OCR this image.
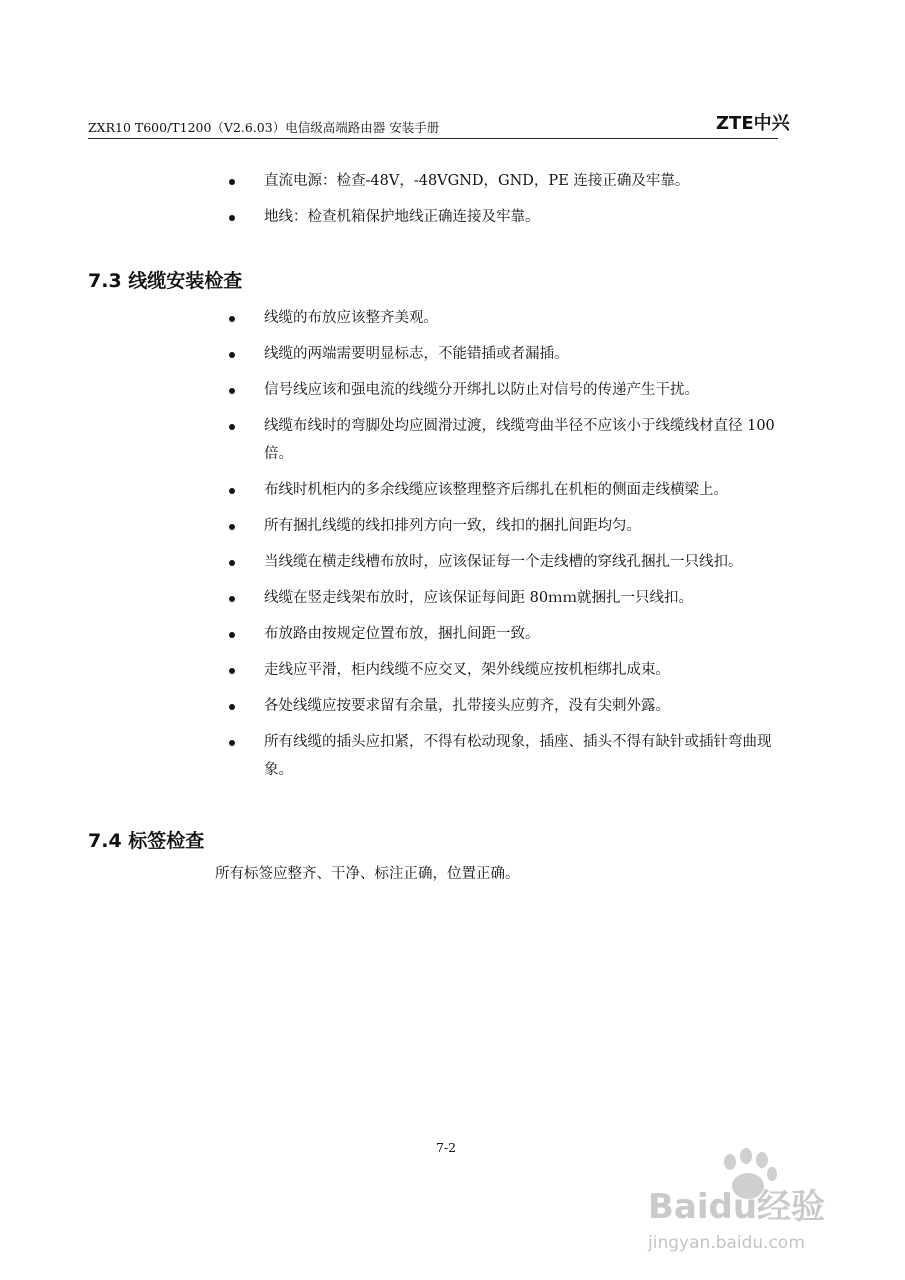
ZXR10 T600/T1200（V2.6.03）电信级高端路由器 安装手册	ZTE中兴
直流电源：检查-48V，-48VGND，GND，PE 连接正确及牢靠。
地线：检查机箱保护地线正确连接及牢靠。
7.3 线缆安装检查
线缆的布放应该整齐美观。
线缆的两端需要明显标志，不能错插或者漏插。
信号线应该和强电流的线缆分开绑扎以防止对信号的传递产生干扰。
线缆布线时的弯脚处均应圆滑过渡，线缆弯曲半径不应该小于线缆线材直径 100 倍。
布线时机柜内的多余线缆应该整理整齐后绑扎在机柜的侧面走线横梁上。
所有捆扎线缆的线扣排列方向一致，线扣的捆扎间距均匀。
当线缆在横走线槽布放时，应该保证每一个走线槽的穿线孔捆扎一只线扣。
线缆在竖走线架布放时，应该保证每间距 80ｍｍ就捆扎一只线扣。
布放路由按规定位置布放，捆扎间距一致。
走线应平滑，柜内线缆不应交叉，架外线缆应按机柜绑扎成束。
各处线缆应按要求留有余量，扎带接头应剪齐，没有尖刺外露。
所有线缆的插头应扣紧，不得有松动现象，插座、插头不得有缺针或插针弯曲现象。
7.4 标签检查
所有标签应整齐、干净、标注正确，位置正确。
7-2
Baidu经验
jingyan.baidu.com
